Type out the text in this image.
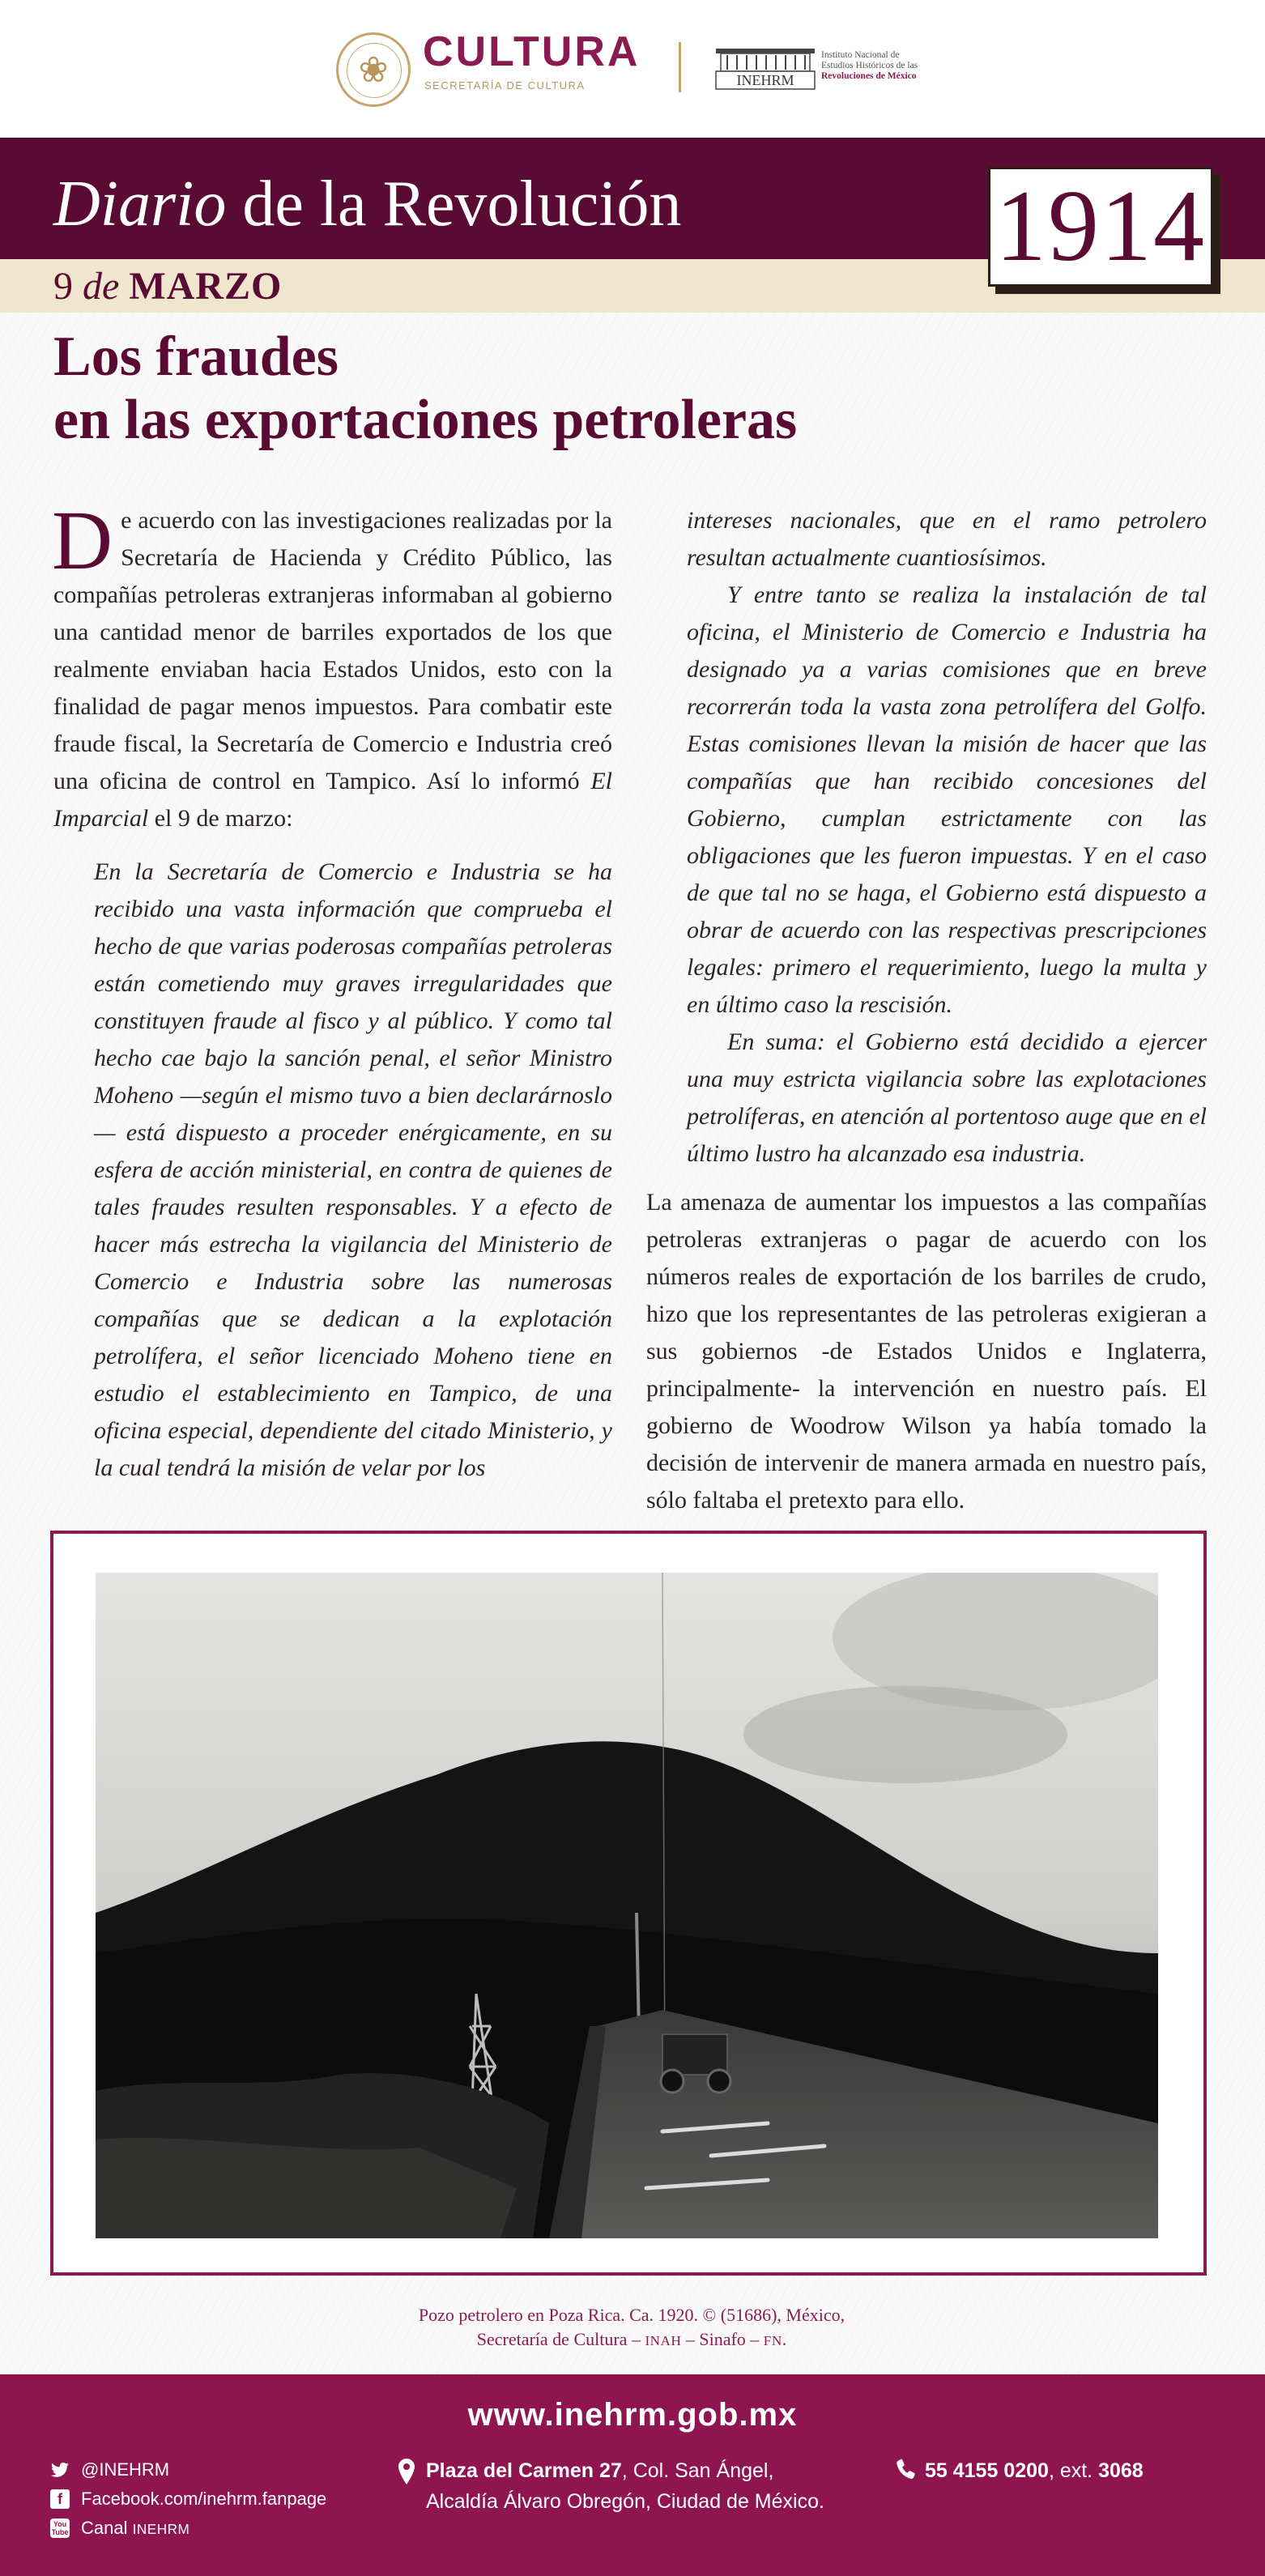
❀ CULTURA
SECRETARÍA DE CULTURA	INEHRM
Instituto Nacional de
Estudios Históricos de las
Revoluciones de México
Diario de la Revolución
9 de MARZO
1914
Los fraudes
en las exportaciones petroleras

De acuerdo con las investigaciones realizadas por la Secretaría de Hacienda y Crédito Público, las compañías petroleras extranjeras informaban al gobierno una cantidad menor de barriles exportados de los que realmente enviaban hacia Estados Unidos, esto con la finalidad de pagar menos impuestos. Para combatir este fraude fiscal, la Secretaría de Comercio e Industria creó una oficina de control en Tampico. Así lo informó El Imparcial el 9 de marzo:

En la Secretaría de Comercio e Industria se ha recibido una vasta información que comprueba el hecho de que varias poderosas compañías petroleras están cometiendo muy graves irregularidades que constituyen fraude al fisco y al público. Y como tal hecho cae bajo la sanción penal, el señor Ministro Moheno —según el mismo tuvo a bien declarárnoslo— está dispuesto a proceder enérgicamente, en su esfera de acción ministerial, en contra de quienes de tales fraudes resulten responsables. Y a efecto de hacer más estrecha la vigilancia del Ministerio de Comercio e Industria sobre las numerosas compañías que se dedican a la explotación petrolífera, el señor licenciado Moheno tiene en estudio el establecimiento en Tampico, de una oficina especial, dependiente del citado Ministerio, y la cual tendrá la misión de velar por los

intereses nacionales, que en el ramo petrolero resultan actualmente cuantiosísimos.

Y entre tanto se realiza la instalación de tal oficina, el Ministerio de Comercio e Industria ha designado ya a varias comisiones que en breve recorrerán toda la vasta zona petrolífera del Golfo. Estas comisiones llevan la misión de hacer que las compañías que han recibido concesiones del Gobierno, cumplan estrictamente con las obligaciones que les fueron impuestas. Y en el caso de que tal no se haga, el Gobierno está dispuesto a obrar de acuerdo con las respectivas prescripciones legales: primero el requerimiento, luego la multa y en último caso la rescisión.

En suma: el Gobierno está decidido a ejercer una muy estricta vigilancia sobre las explotaciones petrolíferas, en atención al portentoso auge que en el último lustro ha alcanzado esa industria.

La amenaza de aumentar los impuestos a las compañías petroleras extranjeras o pagar de acuerdo con los números reales de exportación de los barriles de crudo, hizo que los representantes de las petroleras exigieran a sus gobiernos -de Estados Unidos e Inglaterra, principalmente- la intervención en nuestro país. El gobierno de Woodrow Wilson ya había tomado la decisión de intervenir de manera armada en nuestro país, sólo faltaba el pretexto para ello.

Pozo petrolero en Poza Rica. Ca. 1920. © (51686), México,
Secretaría de Cultura – INAH – Sinafo – FN.
www.inehrm.gob.mx
@INEHRM
f	Facebook.com/inehrm.fanpage
You Tube Canal INEHRM
Plaza del Carmen 27, Col. San Ángel,
Alcaldía Álvaro Obregón, Ciudad de México.
55 4155 0200, ext. 3068
